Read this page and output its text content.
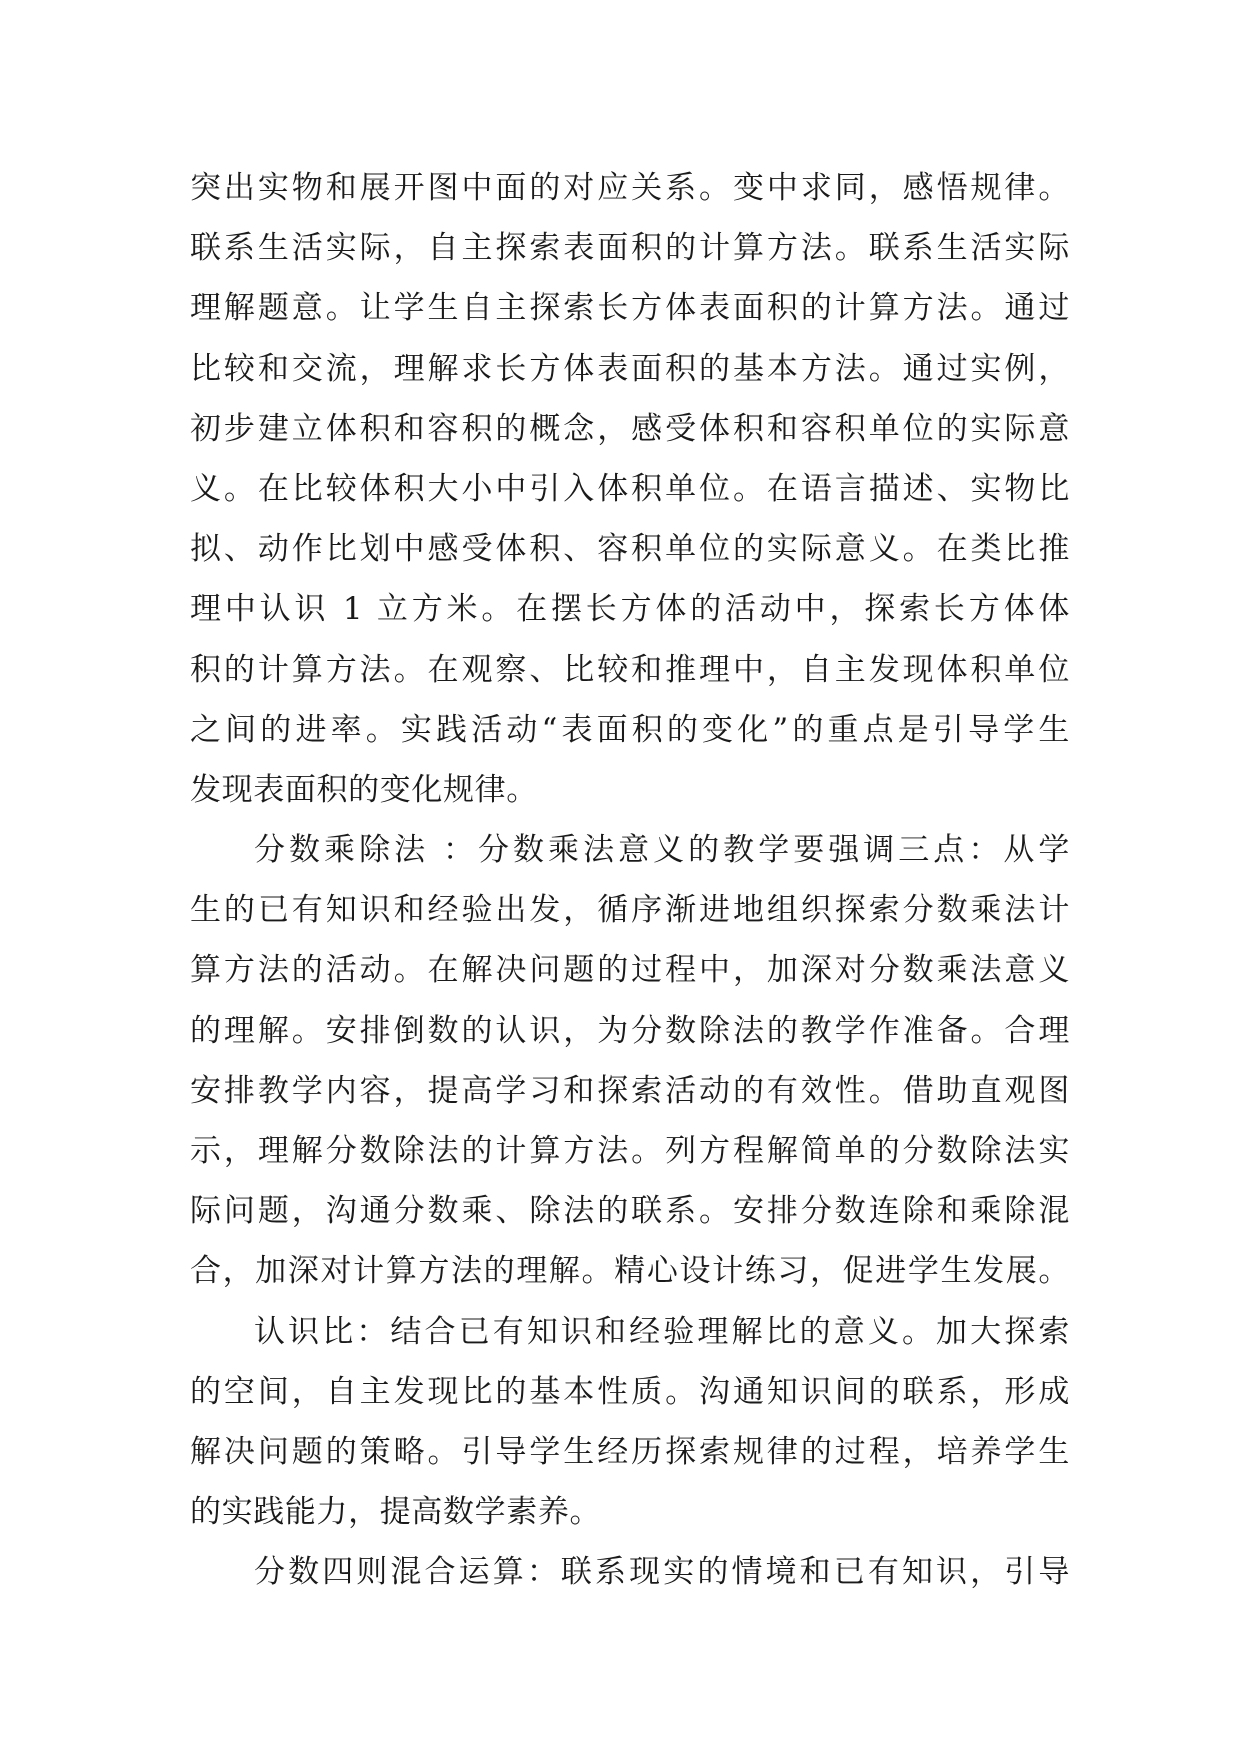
突出实物和展开图中面的对应关系。变中求同，感悟规律。
联系生活实际，自主探索表面积的计算方法。联系生活实际
理解题意。让学生自主探索长方体表面积的计算方法。通过
比较和交流，理解求长方体表面积的基本方法。通过实例，
初步建立体积和容积的概念，感受体积和容积单位的实际意
义。在比较体积大小中引入体积单位。在语言描述、实物比
拟、动作比划中感受体积、容积单位的实际意义。在类比推
理中认识 1 立方米。在摆长方体的活动中，探索长方体体
积的计算方法。在观察、比较和推理中，自主发现体积单位
之间的进率。实践活动“表面积的变化”的重点是引导学生
发现表面积的变化规律。
分数乘除法 ：分数乘法意义的教学要强调三点：从学
生的已有知识和经验出发，循序渐进地组织探索分数乘法计
算方法的活动。在解决问题的过程中，加深对分数乘法意义
的理解。安排倒数的认识，为分数除法的教学作准备。合理
安排教学内容，提高学习和探索活动的有效性。借助直观图
示，理解分数除法的计算方法。列方程解简单的分数除法实
际问题，沟通分数乘、除法的联系。安排分数连除和乘除混
合，加深对计算方法的理解。精心设计练习，促进学生发展。
认识比：结合已有知识和经验理解比的意义。加大探索
的空间，自主发现比的基本性质。沟通知识间的联系，形成
解决问题的策略。引导学生经历探索规律的过程，培养学生
的实践能力，提高数学素养。
分数四则混合运算：联系现实的情境和已有知识，引导
